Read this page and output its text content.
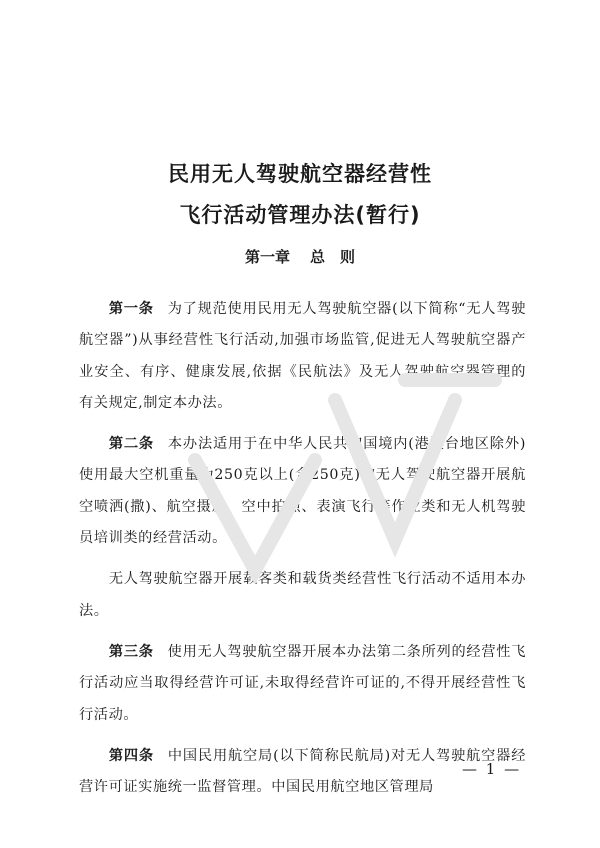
民用无人驾驶航空器经营性
飞行活动管理办法(暂行)
第一章 总　则

第一条 为了规范使用民用无人驾驶航空器(以下简称“无人驾驶航空器”)从事经营性飞行活动,加强市场监管,促进无人驾驶航空器产业安全、有序、健康发展,依据《民航法》及无人驾驶航空器管理的有关规定,制定本办法。

第二条 本办法适用于在中华人民共和国境内(港澳台地区除外)使用最大空机重量为250克以上(含250克)的无人驾驶航空器开展航空喷洒(撒)、航空摄影、空中拍照、表演飞行等作业类和无人机驾驶员培训类的经营活动。

无人驾驶航空器开展载客类和载货类经营性飞行活动不适用本办法。

第三条 使用无人驾驶航空器开展本办法第二条所列的经营性飞行活动应当取得经营许可证,未取得经营许可证的,不得开展经营性飞行活动。

第四条 中国民用航空局(以下简称民航局)对无人驾驶航空器经营许可证实施统一监督管理。中国民用航空地区管理局

— 1 —
